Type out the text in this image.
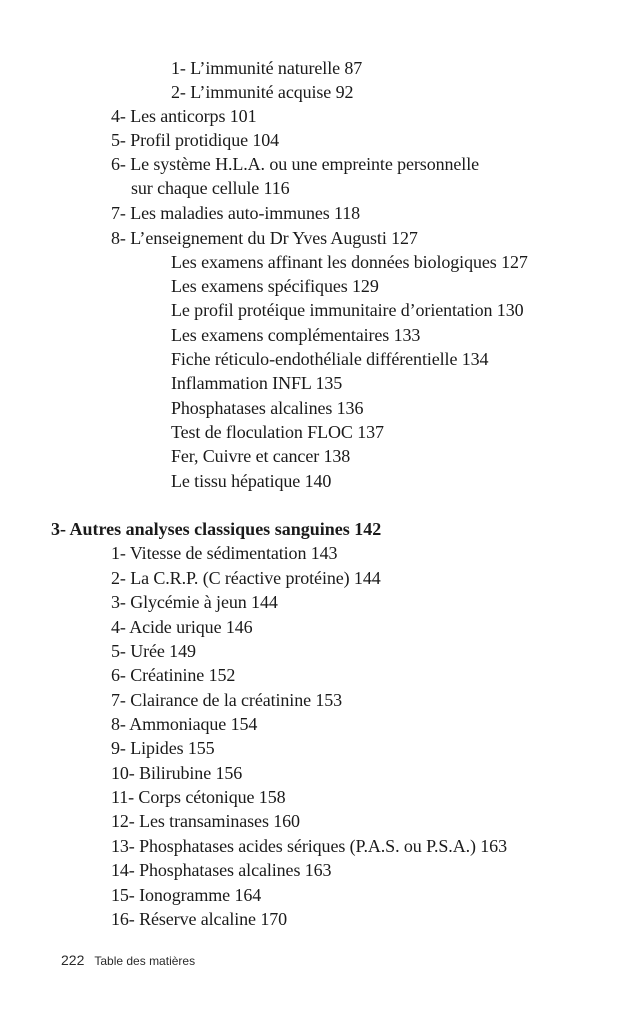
1- L’immunité naturelle 87
2- L’immunité acquise 92
4- Les anticorps 101
5- Profil protidique 104
6- Le système H.L.A. ou une empreinte personnelle
sur chaque cellule 116
7- Les maladies auto-immunes 118
8- L’enseignement du Dr Yves Augusti 127
Les examens affinant les données biologiques 127
Les examens spécifiques 129
Le profil protéique immunitaire d’orientation 130
Les examens complémentaires 133
Fiche réticulo-endothéliale différentielle 134
Inflammation INFL 135
Phosphatases alcalines 136
Test de floculation FLOC 137
Fer, Cuivre et cancer 138
Le tissu hépatique 140
3- Autres analyses classiques sanguines 142
1- Vitesse de sédimentation 143
2- La C.R.P. (C réactive protéine) 144
3- Glycémie à jeun 144
4- Acide urique 146
5- Urée 149
6- Créatinine 152
7- Clairance de la créatinine 153
8- Ammoniaque 154
9- Lipides 155
10- Bilirubine 156
11- Corps cétonique 158
12- Les transaminases 160
13- Phosphatases acides sériques (P.A.S. ou P.S.A.) 163
14- Phosphatases alcalines 163
15- Ionogramme 164
16- Réserve alcaline 170
222 Table des matières
